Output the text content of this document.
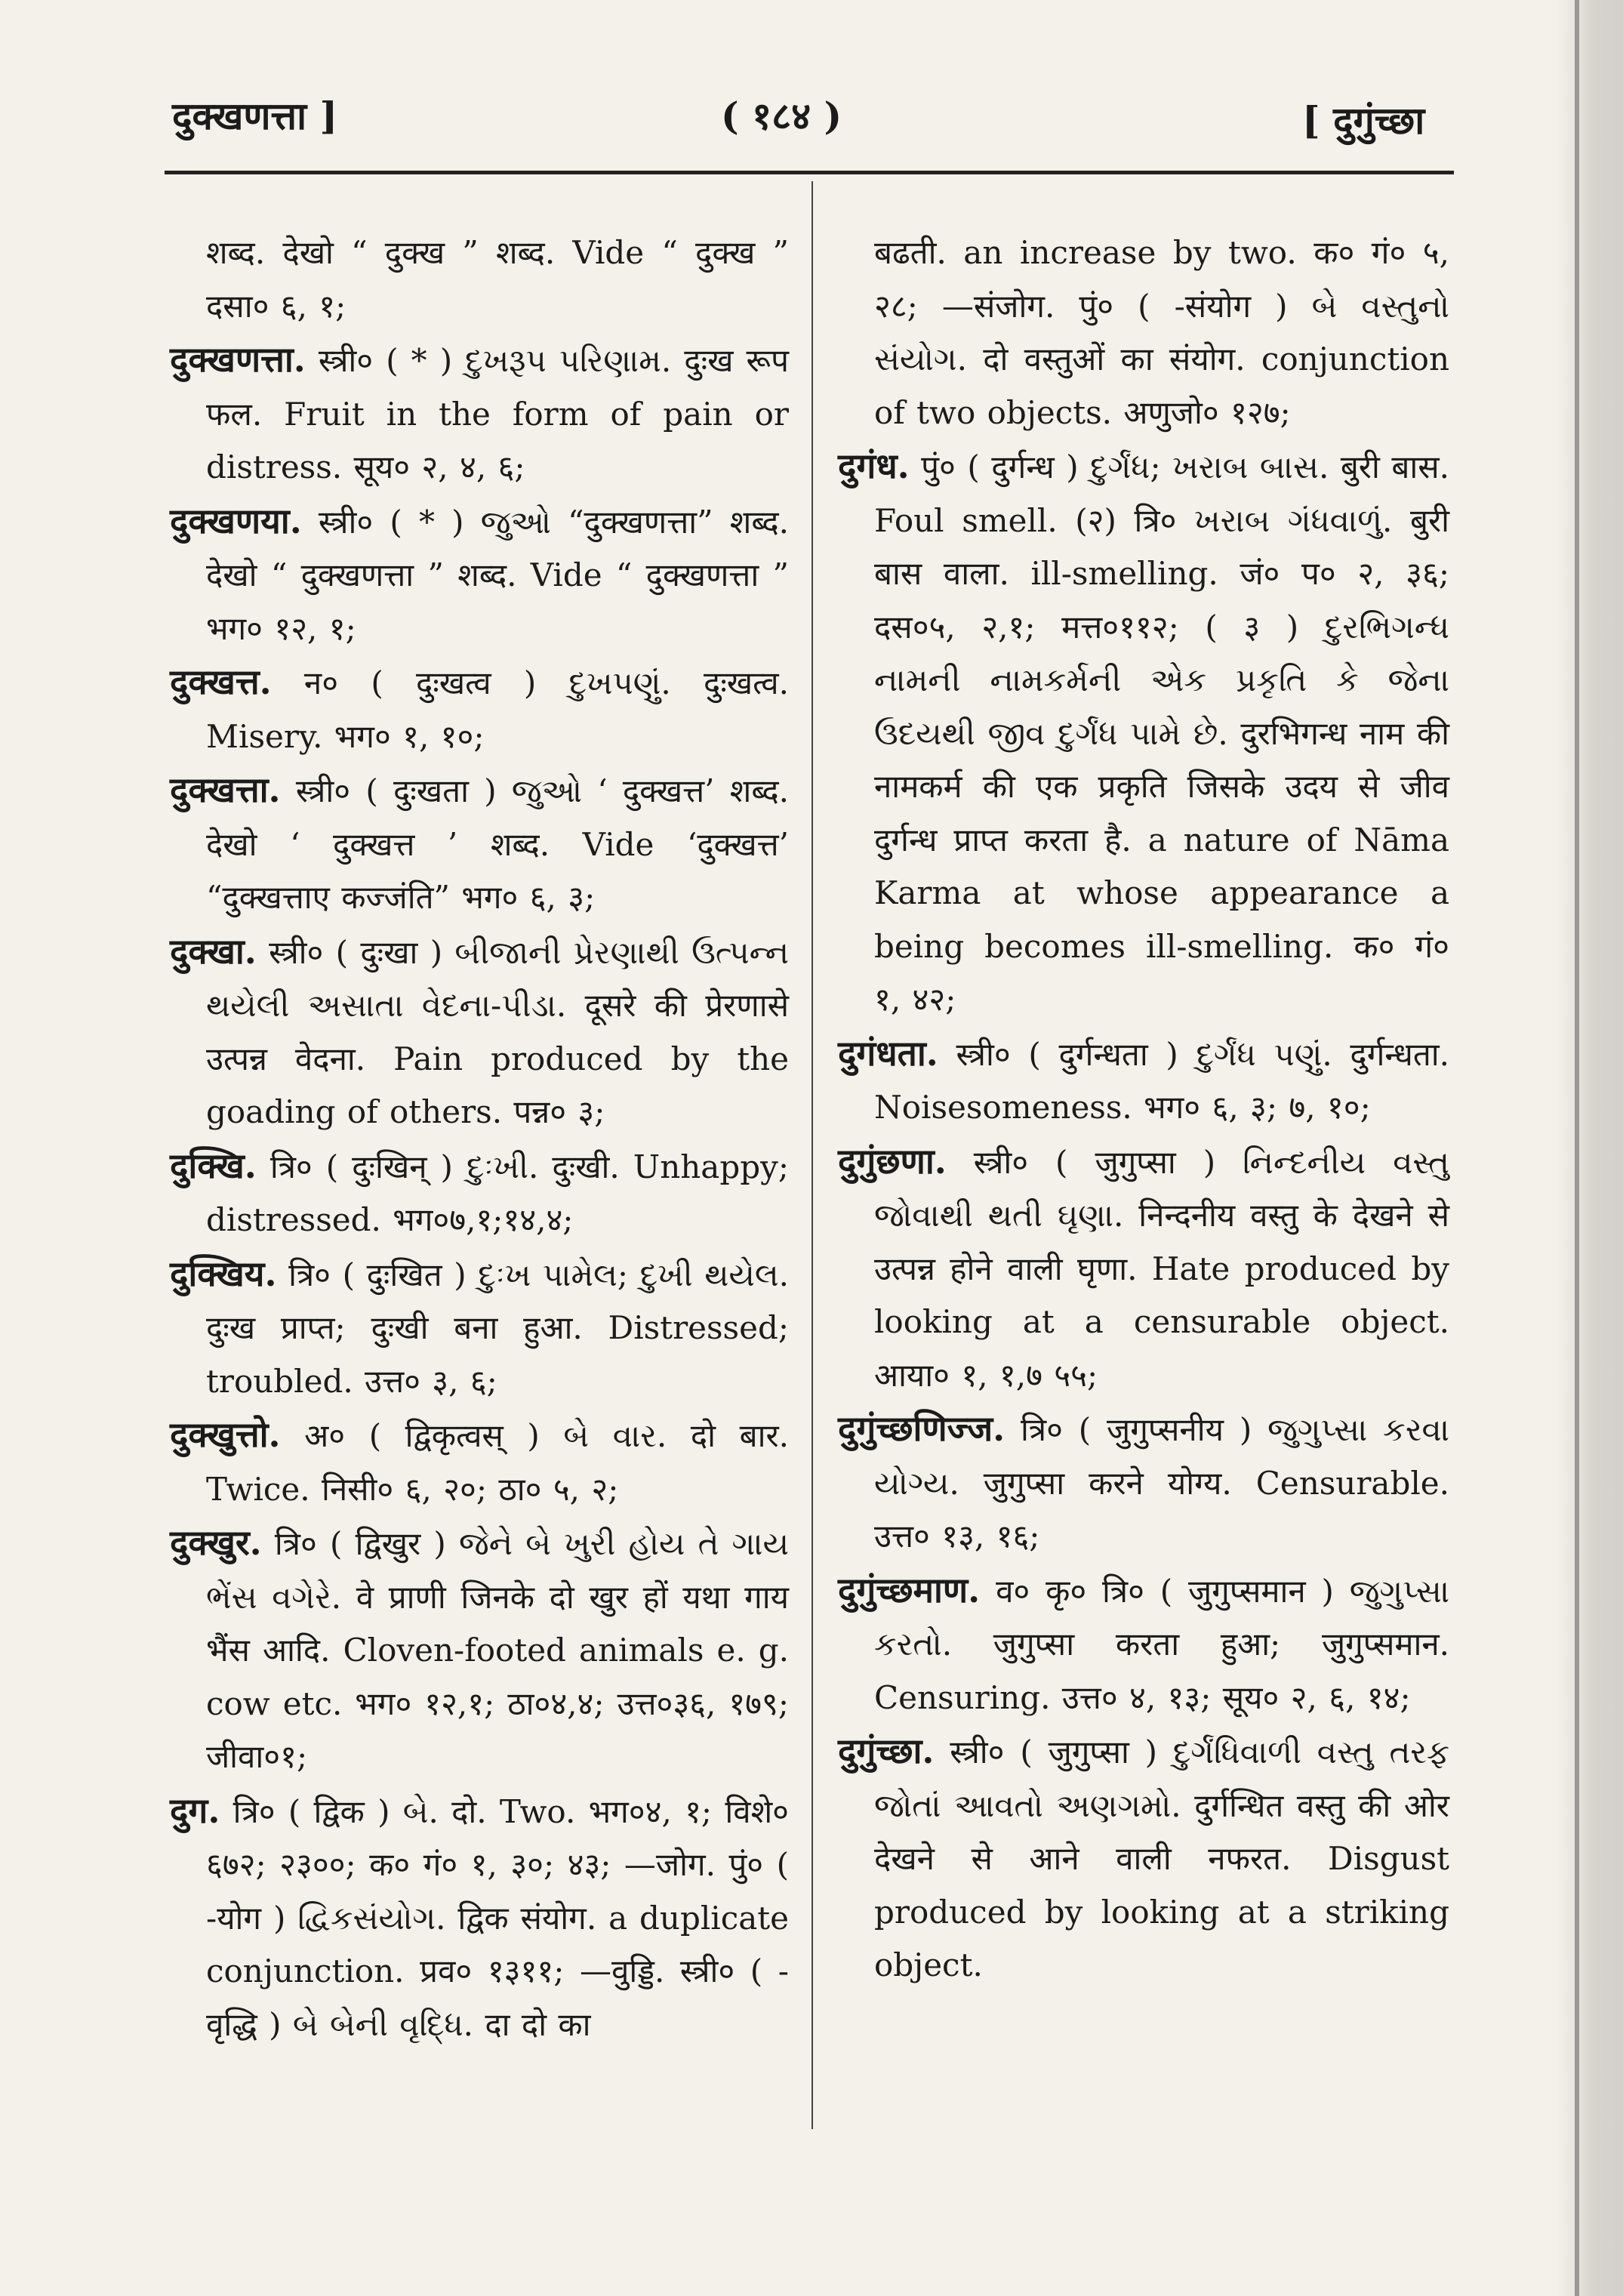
दुक्खणत्ता ]	( १८४ )	[ दुगुंच्छा

शब्द. देखो “ दुक्ख ” शब्द. Vide “ दुक्ख ” दसा० ६, १;

दुक्खणत्ता. स्त्री० ( * ) દુખરૂપ પરિણામ. दुःख रूप फल. Fruit in the form of pain or distress. सूय० २, ४, ६;

दुक्खणया. स्त्री० ( * ) જુઓ “दुक्खणत्ता” शब्द. देखो “ दुक्खणत्ता ” शब्द. Vide “ दुक्खणत्ता ” भग० १२, १;

दुक्खत्त. न० ( दुःखत्व ) દુખપણું. दुःखत्व. Misery. भग० १, १०;

दुक्खत्ता. स्त्री० ( दुःखता ) જુઓ ‘ दुक्खत्त’ शब्द. देखो ‘ दुक्खत्त ’ शब्द. Vide ‘दुक्खत्त’ “दुक्खत्ताए कज्जंति” भग० ६, ३;

दुक्खा. स्त्री० ( दुःखा ) બીજાની પ્રેરણાથી ઉત્પન્ન થયેલી અસાતા વેદના-પીડા. दूसरे की प्रेरणासे उत्पन्न वेदना. Pain produced by the goading of others. पन्न० ३;

दुक्खि. त्रि० ( दुःखिन् ) દુઃખી. दुःखी. Unhappy; distressed. भग०७,१;१४,४;

दुक्खिय. त्रि० ( दुःखित ) દુઃખ પામેલ; દુખી થયેલ. दुःख प्राप्त; दुःखी बना हुआ. Distressed; troubled. उत्त० ३, ६;

दुक्खुत्तो. अ० ( द्विकृत्वस् ) બે વાર. दो बार. Twice. निसी० ६, २०; ठा० ५, २;

दुक्खुर. त्रि० ( द्विखुर ) જેને બે ખુરી હોય તે ગાય ભેંસ વગેરે. वे प्राणी जिनके दो खुर हों यथा गाय भैंस आदि. Cloven-footed animals e. g. cow etc. भग० १२,१; ठा०४,४; उत्त०३६, १७९; जीवा०१;

दुग. त्रि० ( द्विक ) બે. दो. Two. भग०४, १; विशे० ६७२; २३००; क० गं० १, ३०; ४३; —जोग. पुं० ( -योग ) દ્વિકસંયોગ. द्विक संयोग. a duplicate conjunction. प्रव० १३११; —वुड्डि. स्त्री० ( -वृद्धि ) બે બેની વૃદ્ધિ. दा दो का

बढती. an increase by two. क० गं० ५, २८; —संजोग. पुं० ( -संयोग ) બે વસ્તુનો સંયોગ. दो वस्तुओं का संयोग. conjunction of two objects. अणुजो० १२७;

दुगंध. पुं० ( दुर्गन्ध ) દુર્ગંધ; ખરાબ બાસ. बुरी बास. Foul smell. (२) त्रि० ખરાબ ગંધવાળું. बुरी बास वाला. ill-smelling. जं० प० २, ३६; दस०५, २,१; मत्त०११२; ( ३ ) દુરભિગન્ધ નામની નામકર્મની એક પ્રકૃતિ કે જેના ઉદયથી જીવ દુર્ગંધ પામે છે. दुरभिगन्ध नाम की नामकर्म की एक प्रकृति जिसके उदय से जीव दुर्गन्ध प्राप्त करता है. a nature of Nāma Karma at whose appearance a being becomes ill-smelling. क० गं० १, ४२;

दुगंधता. स्त्री० ( दुर्गन्धता ) દુર્ગંધ પણું. दुर्गन्धता. Noisesomeness. भग० ६, ३; ७, १०;

दुगुंछणा. स्त्री० ( जुगुप्सा ) નિન્દનીય વસ્તુ જોવાથી થતી ઘૃણા. निन्दनीय वस्तु के देखने से उत्पन्न होने वाली घृणा. Hate produced by looking at a censurable object. आया० १, १,७ ५५;

दुगुंच्छणिज्ज. त्रि० ( जुगुप्सनीय ) જુગુપ્સા કરવા યોગ્ય. जुगुप्सा करने योग्य. Censurable. उत्त० १३, १६;

दुगुंच्छमाण. व० कृ० त्रि० ( जुगुप्समान ) જુગુપ્સા કરતો. जुगुप्सा करता हुआ; जुगुप्समान. Censuring. उत्त० ४, १३; सूय० २, ६, १४;

दुगुंच्छा. स्त्री० ( जुगुप्सा ) દુર્ગંધિવાળી વસ્તુ તરફ જોતાં આવતો અણગમો. दुर्गन्धित वस्तु की ओर देखने से आने वाली नफरत. Disgust produced by looking at a striking object.
